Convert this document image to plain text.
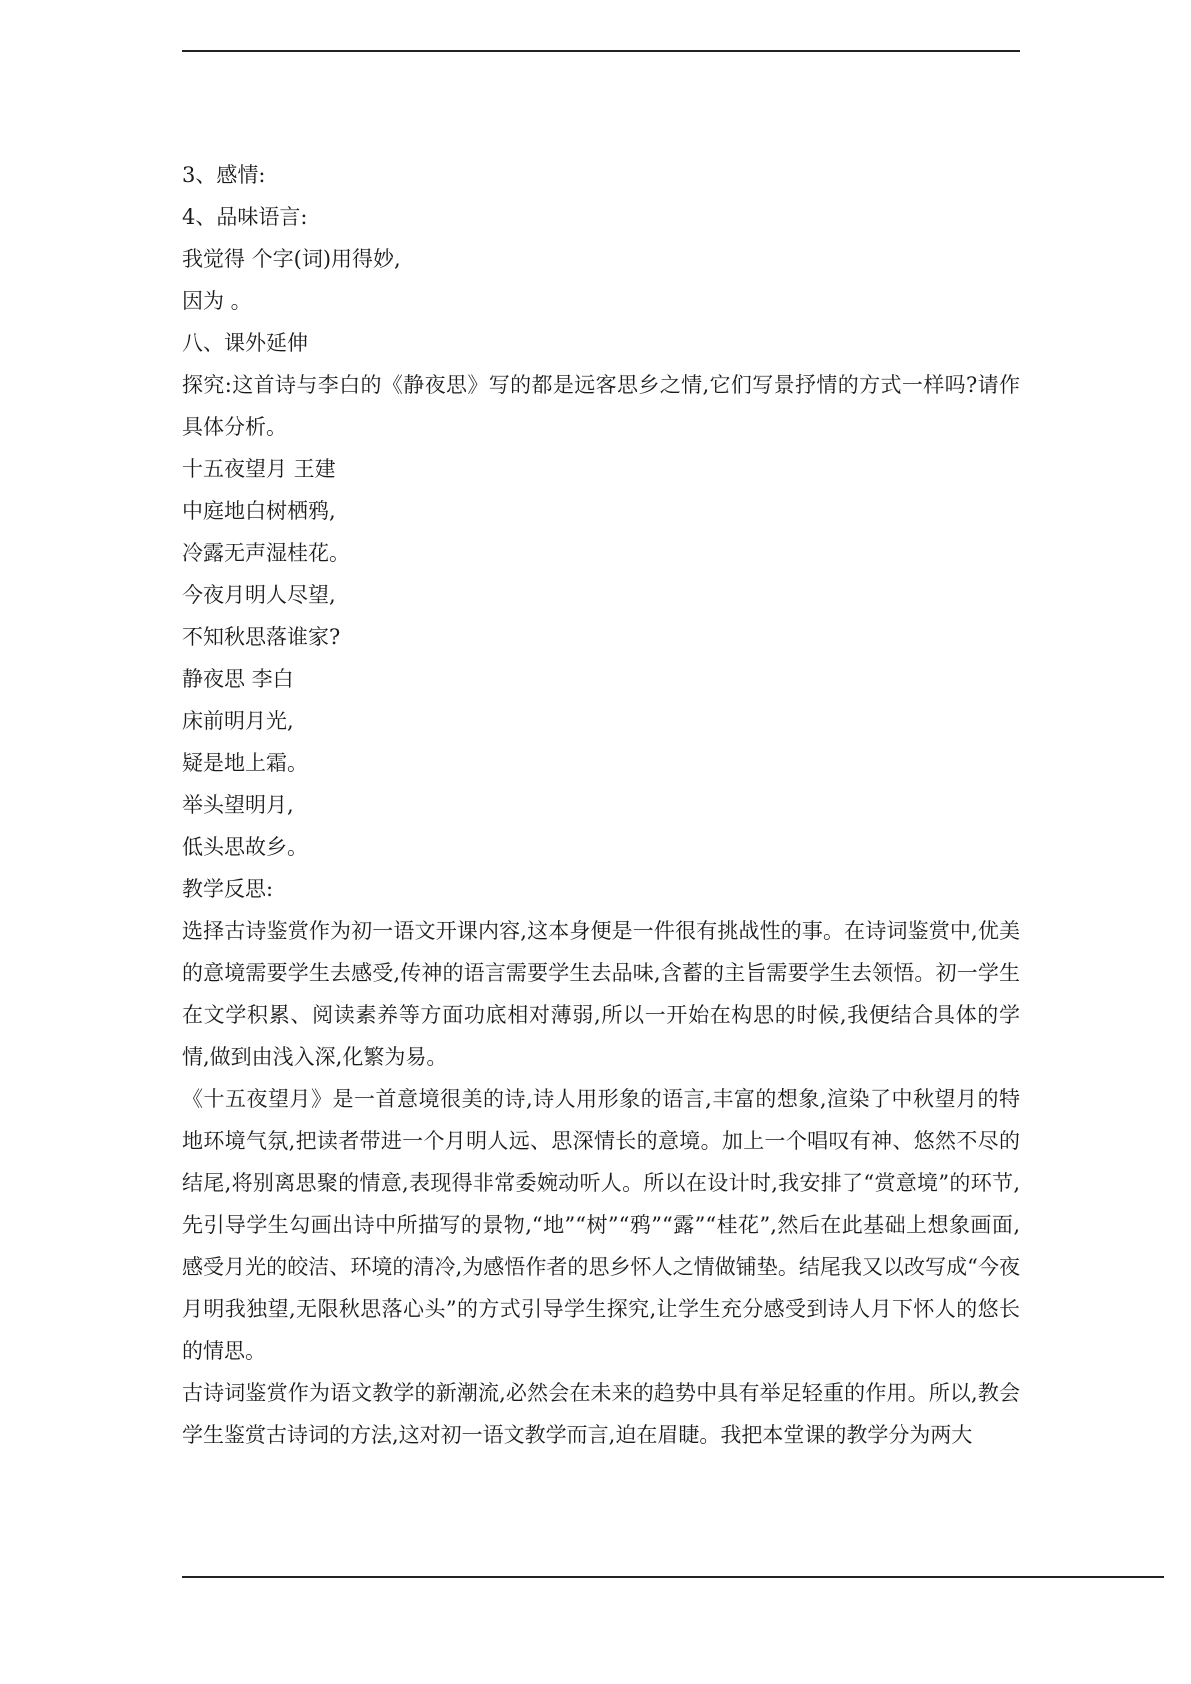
3、感情:
4、品味语言:
我觉得 个字(词)用得妙,
因为 。
八、课外延伸
探究:这首诗与李白的《静夜思》写的都是远客思乡之情,它们写景抒情的方式一样吗?请作具体分析。
十五夜望月 王建
中庭地白树栖鸦,
冷露无声湿桂花。
今夜月明人尽望,
不知秋思落谁家?
静夜思 李白
床前明月光,
疑是地上霜。
举头望明月,
低头思故乡。
教学反思:
选择古诗鉴赏作为初一语文开课内容,这本身便是一件很有挑战性的事。在诗词鉴赏中,优美的意境需要学生去感受,传神的语言需要学生去品味,含蓄的主旨需要学生去领悟。初一学生在文学积累、阅读素养等方面功底相对薄弱,所以一开始在构思的时候,我便结合具体的学情,做到由浅入深,化繁为易。
《十五夜望月》是一首意境很美的诗,诗人用形象的语言,丰富的想象,渲染了中秋望月的特地环境气氛,把读者带进一个月明人远、思深情长的意境。加上一个唱叹有神、悠然不尽的结尾,将别离思聚的情意,表现得非常委婉动听人。所以在设计时,我安排了“赏意境”的环节,先引导学生勾画出诗中所描写的景物,“地”“树”“鸦”“露”“桂花”,然后在此基础上想象画面,感受月光的皎洁、环境的清冷,为感悟作者的思乡怀人之情做铺垫。结尾我又以改写成“今夜月明我独望,无限秋思落心头”的方式引导学生探究,让学生充分感受到诗人月下怀人的悠长的情思。
古诗词鉴赏作为语文教学的新潮流,必然会在未来的趋势中具有举足轻重的作用。所以,教会学生鉴赏古诗词的方法,这对初一语文教学而言,迫在眉睫。我把本堂课的教学分为两大
